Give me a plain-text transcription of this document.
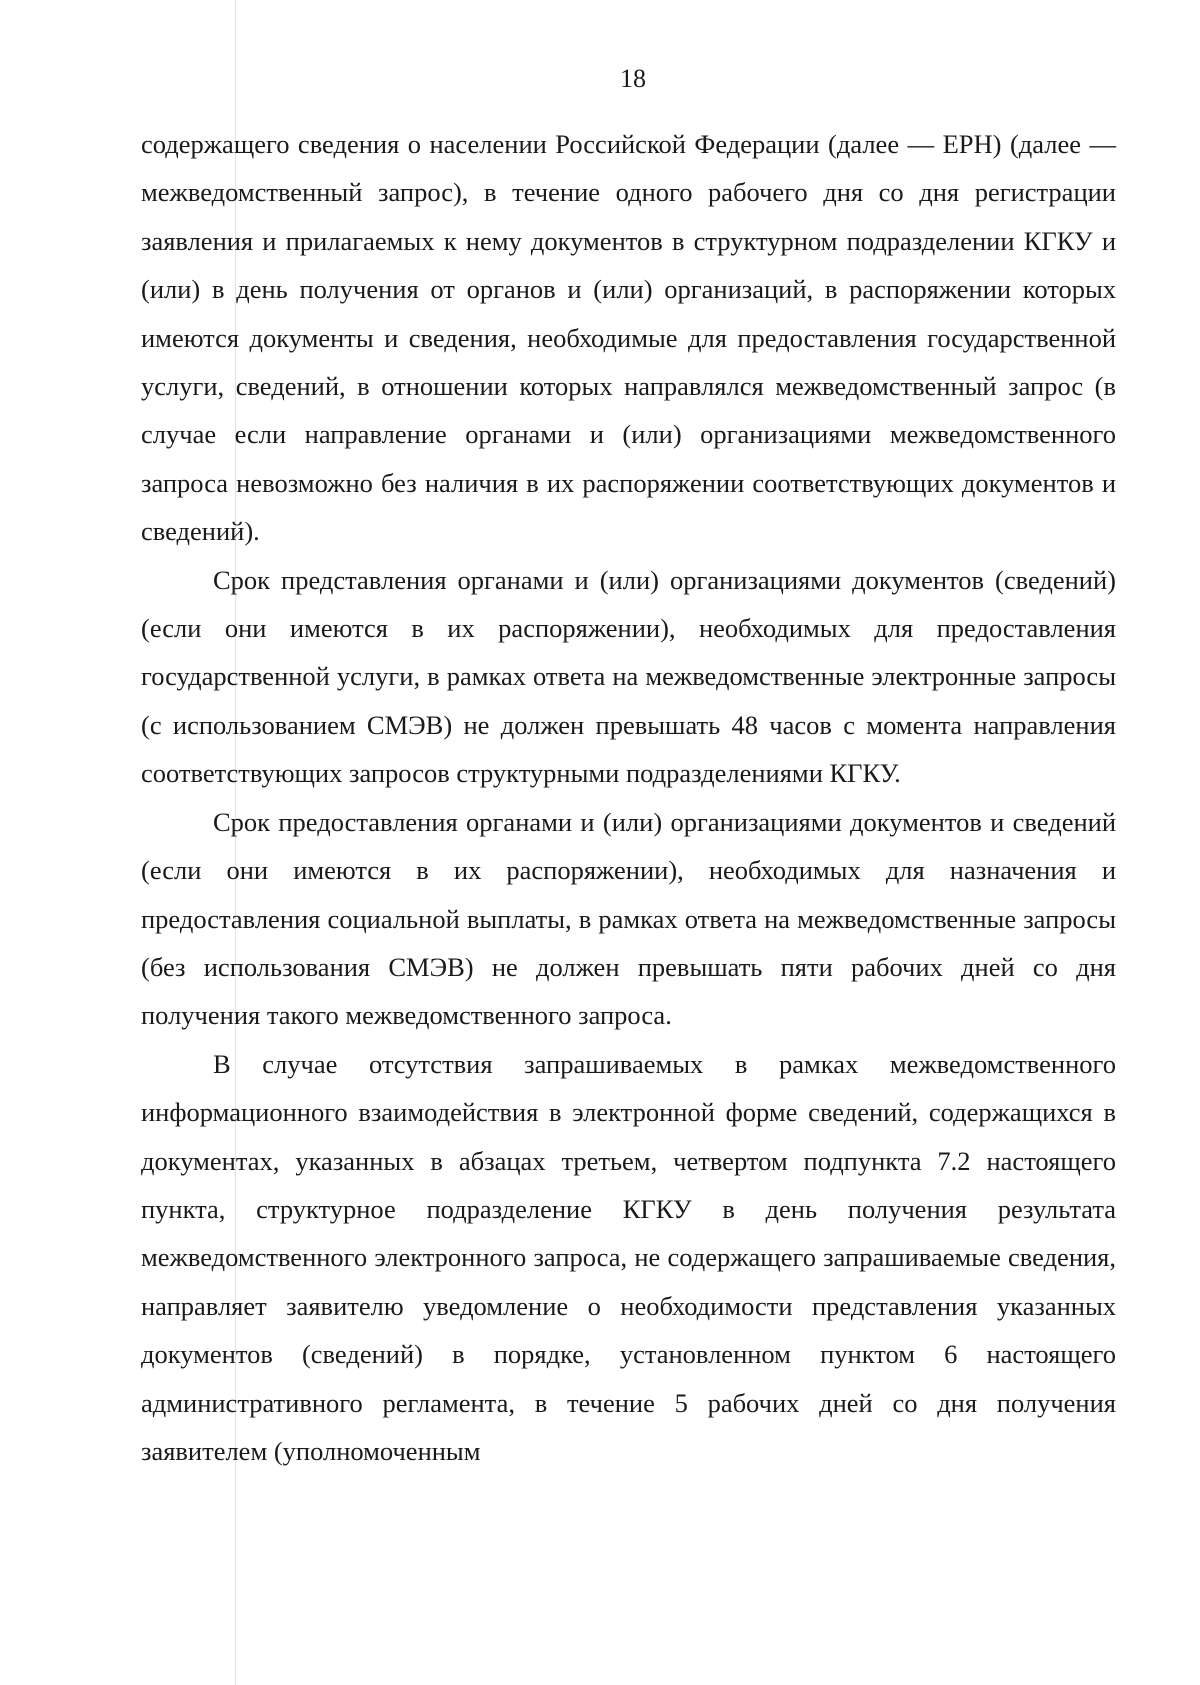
18

содержащего сведения о населении Российской Федерации (далее — ЕРН) (далее — межведомственный запрос), в течение одного рабочего дня со дня регистрации заявления и прилагаемых к нему документов в структурном подразделении КГКУ и (или) в день получения от органов и (или) организаций, в распоряжении которых имеются документы и сведения, необходимые для предоставления государственной услуги, сведений, в отношении которых направлялся межведомственный запрос (в случае если направление органами и (или) организациями межведомственного запроса невозможно без наличия в их распоряжении соответствующих документов и сведений).

Срок представления органами и (или) организациями документов (сведений) (если они имеются в их распоряжении), необходимых для предоставления государственной услуги, в рамках ответа на межведомственные электронные запросы (с использованием СМЭВ) не должен превышать 48 часов с момента направления соответствующих запросов структурными подразделениями КГКУ.

Срок предоставления органами и (или) организациями документов и сведений (если они имеются в их распоряжении), необходимых для назначения и предоставления социальной выплаты, в рамках ответа на межведомственные запросы (без использования СМЭВ) не должен превышать пяти рабочих дней со дня получения такого межведомственного запроса.

В случае отсутствия запрашиваемых в рамках межведомственного информационного взаимодействия в электронной форме сведений, содержащихся в документах, указанных в абзацах третьем, четвертом подпункта 7.2 настоящего пункта, структурное подразделение КГКУ в день получения результата межведомственного электронного запроса, не содержащего запрашиваемые сведения, направляет заявителю уведомление о необходимости представления указанных документов (сведений) в порядке, установленном пунктом 6 настоящего административного регламента, в течение 5 рабочих дней со дня получения заявителем (уполномоченным
